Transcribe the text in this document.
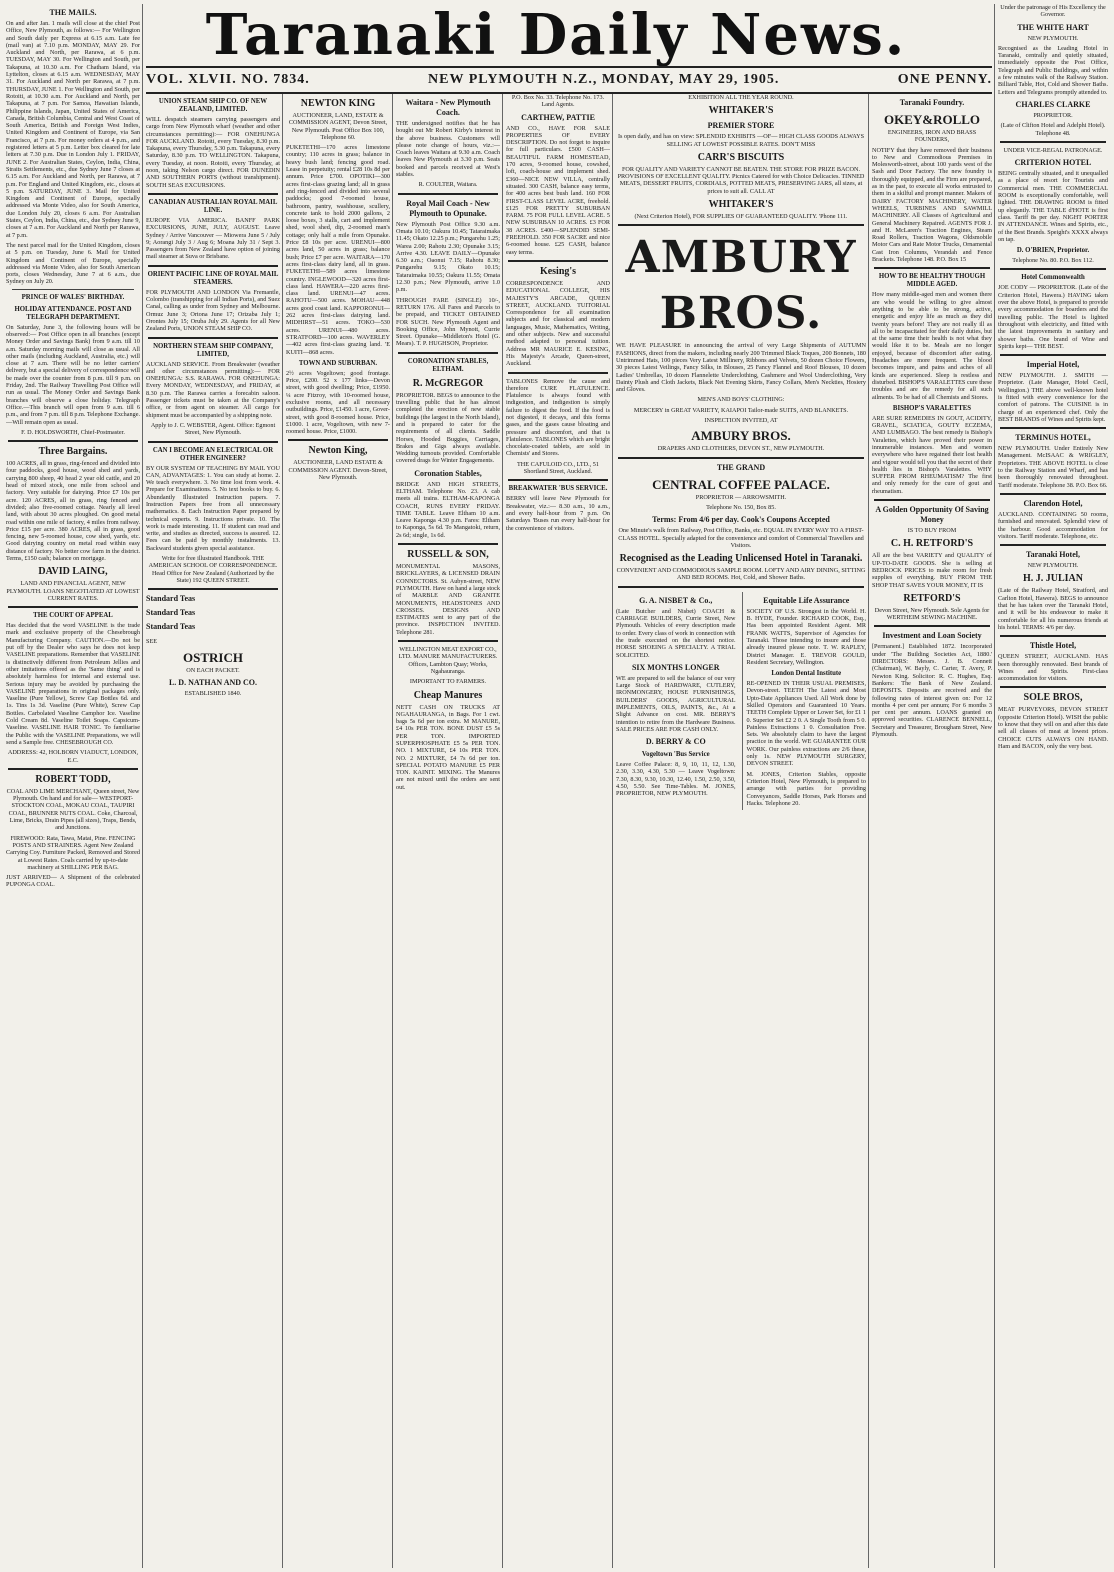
Taranaki Daily News.
VOL. XLVII. NO. 7834.	NEW PLYMOUTH N.Z., MONDAY, MAY 29, 1905.	ONE PENNY.
THE MAILS.
On and after Jan. 1 mails will close at the chief Post Office, New Plymouth, as follows:— For Wellington and South daily per Express at 6.15 a.m. Late fee (mail van) at 7.10 p.m. MONDAY, MAY 29. For Auckland and North, per Rarawa, at 6 p.m. TUESDAY, MAY 30. For Wellington and South, per Takapuna, at 10.30 a.m. For Chatham Island, via Lyttelton, closes at 6.15 a.m. WEDNESDAY, MAY 31. For Auckland and North per Rarawa, at 7 p.m. THURSDAY, JUNE 1. For Wellington and South, per Rotoiti, at 10.30 a.m. For Auckland and North, per Takapuna, at 7 p.m. For Samoa, Hawaiian Islands, Philippine Islands, Japan, United States of America, Canada, British Columbia, Central and West Coast of South America, British and Foreign West Indies, United Kingdom and Continent of Europe, via San Francisco, at 7 p.m. For money orders at 4 p.m., and registered letters at 5 p.m. Letter box cleared for late letters at 7.30 p.m. Due in London July 1. FRIDAY, JUNE 2. For Australian States, Ceylon, India, China, Straits Settlements, etc., due Sydney June 7 closes at 6.15 a.m. For Auckland and North, per Rarawa, at 7 p.m. For England and United Kingdom, etc., closes at 5 p.m. SATURDAY, JUNE 3. Mail for United Kingdom and Continent of Europe, specially addressed via Monte Video, also for South America, due London July 20, closes 6 a.m. For Australian States, Ceylon, India, China, etc., due Sydney June 9, closes at 7 a.m. For Auckland and North per Rarawa, at 7 p.m.
The next parcel mail for the United Kingdom, closes at 5 p.m. on Tuesday, June 6. Mail for United Kingdom and Continent of Europe, specially addressed via Monte Video, also for South American ports, closes Wednesday, June 7 at 6 a.m., due Sydney on July 20.
PRINCE OF WALES' BIRTHDAY.
HOLIDAY ATTENDANCE. POST AND TELEGRAPH DEPARTMENT.
On Saturday, June 3, the following hours will be observed:— Post Office open in all branches (except Money Order and Savings Bank) from 9 a.m. till 10 a.m. Saturday morning mails will close as usual. All other mails (including Auckland, Australia, etc.) will close at 7 a.m. There will be no letter carriers' delivery, but a special delivery of correspondence will be made over the counter from 8 p.m. till 9 p.m. on Friday, 2nd. The Railway Travelling Post Office will run as usual. The Money Order and Savings Bank branches will observe a close holiday. Telegraph Office.—This branch will open from 9 a.m. till 6 p.m., and from 7 p.m. till 8 p.m. Telephone Exchange.—Will remain open as usual.
F. D. HOLDSWORTH, Chief-Postmaster.
Three Bargains.
100 ACRES, all in grass, ring-fenced and divided into four paddocks, good house, wood shed and yards, carrying 800 sheep, 40 head 2 year old cattle, and 20 head of mixed stock, one mile from school and factory. Very suitable for dairying. Price £7 10s per acre. 120 ACRES, all in grass, ring fenced and divided; also five-roomed cottage. Nearly all level land, with about 30 acres ploughed. On good metal road within one mile of factory, 4 miles from railway. Price £15 per acre. 380 ACRES, all in grass, good fencing, new 5-roomed house, cow shed, yards, etc. Good dairying country on metal road within easy distance of factory. No better cow farm in the district. Terms, £150 cash; balance on mortgage.
DAVID LAING,
LAND AND FINANCIAL AGENT, NEW PLYMOUTH. LOANS NEGOTIATED AT LOWEST CURRENT RATES.
THE COURT OF APPEAL
Has decided that the word VASELINE is the trade mark and exclusive property of the Chesebrough Manufacturing Company. CAUTION.—Do not be put off by the Dealer who says he does not keep VASELINE preparations. Remember that VASELINE is distinctively different from Petroleum Jellies and other imitations offered as the 'Same thing' and is absolutely harmless for internal and external use. Serious injury may be avoided by purchasing the VASELINE preparations in original packages only. Vaseline (Pure Yellow), Screw Cap Bottles 6d. and 1s. Tins 1s 3d. Vaseline (Pure White), Screw Cap Bottles. Carbolated Vaseline Camphor Ice. Vaseline Cold Cream 8d. Vaseline Toilet Soaps. Capsicum-Vaseline. VASELINE HAIR TONIC. To familiarise the Public with the VASELINE Preparations, we will send a Sample free. CHESEBROUGH CO.
ADDRESS: 42, HOLBORN VIADUCT, LONDON, E.C.
ROBERT TODD,
COAL AND LIME MERCHANT, Queen street, New Plymouth. On hand and for sale— WESTPORT-STOCKTON COAL, MOKAU COAL, TAUPIRI COAL, BRUNNER NUTS COAL. Coke, Charcoal, Lime, Bricks, Drain Pipes (all sizes), Traps, Bends, and Junctions.
FIREWOOD: Rata, Tawa, Matai, Pine. FENCING POSTS AND STRAINERS. Agent New Zealand Carrying Coy. Furniture Packed, Removed and Stored at Lowest Rates. Coals carried by up-to-date machinery at SHILLING PER BAG.
JUST ARRIVED— A Shipment of the celebrated PUPONGA COAL.
UNION STEAM SHIP CO. OF NEW ZEALAND, LIMITED.
WILL despatch steamers carrying passengers and cargo from New Plymouth wharf (weather and other circumstances permitting):— FOR ONEHUNGA FOR AUCKLAND. Rotoiti, every Tuesday, 8.30 p.m. Takapuna, every Thursday, 5.30 p.m. Takapuna, every Saturday, 8.30 p.m. TO WELLINGTON. Takapuna, every Tuesday, at noon. Rotoiti, every Thursday, at noon, taking Nelson cargo direct. FOR DUNEDIN AND SOUTHERN PORTS (without transhipment). SOUTH SEAS EXCURSIONS.
CANADIAN AUSTRALIAN ROYAL MAIL LINE.
EUROPE VIA AMERICA. BANFF PARK EXCURSIONS, JUNE, JULY, AUGUST. Leave Sydney / Arrive Vancouver — Miowera June 5 / July 9; Aorangi July 3 / Aug 6; Moana July 31 / Sept 3. Passengers from New Zealand have option of joining mail steamer at Suva or Brisbane.
ORIENT PACIFIC LINE OF ROYAL MAIL STEAMERS.
FOR PLYMOUTH AND LONDON Via Fremantle, Colombo (transhipping for all Indian Ports), and Suez Canal, calling as under from Sydney and Melbourne. Ormuz June 3; Ortona June 17; Orizaba July 1; Orontes July 15; Oruba July 29. Agents for all New Zealand Ports, UNION STEAM SHIP CO.
NORTHERN STEAM SHIP COMPANY, LIMITED,
AUCKLAND SERVICE. From Breakwater (weather and other circumstances permitting):— FOR ONEHUNGA: S.S. RARAWA. FOR ONEHUNGA: Every MONDAY, WEDNESDAY, and FRIDAY, at 8.30 p.m. The Rarawa carries a forecabin saloon. Passenger tickets must be taken at the Company's office, or from agent on steamer. All cargo for shipment must be accompanied by a shipping note.
Apply to J. C. WEBSTER, Agent. Office: Egmont Street, New Plymouth.
CAN I BECOME AN ELECTRICAL OR OTHER ENGINEER?
BY OUR SYSTEM OF TEACHING BY MAIL YOU CAN, ADVANTAGES: 1. You can study at home. 2. We teach everywhere. 3. No time lost from work. 4. Prepare for Examinations. 5. No text books to buy. 6. Abundantly Illustrated Instruction papers. 7. Instruction Papers free from all unnecessary mathematics. 8. Each Instruction Paper prepared by technical experts. 9. Instructions private. 10. The work is made interesting. 11. If student can read and write, and studies as directed, success is assured. 12. Fees can be paid by monthly instalments. 13. Backward students given special assistance.
Write for free illustrated Handbook. THE AMERICAN SCHOOL OF CORRESPONDENCE. Head Office for New Zealand (Authorized by the State) 192 QUEEN STREET.
Standard Teas
Standard Teas
Standard Teas
SEE
OSTRICH
ON EACH PACKET.
L. D. NATHAN AND CO.
ESTABLISHED 1840.
NEWTON KING
AUCTIONEER, LAND, ESTATE & COMMISSION AGENT, Devon Street, New Plymouth. Post Office Box 100, Telephone 60.
PUKETETHI—170 acres limestone country; 110 acres in grass; balance in heavy bush land; fencing good road. Lease in perpetuity; rental £28 10s 8d per annum. Price £700. OPOTIKI—300 acres first-class grazing land; all in grass and ring-fenced and divided into several paddocks; good 7-roomed house, bathroom, pantry, washhouse, scullery, concrete tank to hold 2000 gallons, 2 loose boxes, 3 stalls, cart and implement shed, wool shed, dip, 2-roomed man's cottage; only half a mile from Opunake. Price £8 10s per acre. URENUI—800 acres land, 50 acres in grass; balance bush; Price £7 per acre. WAITARA—170 acres first-class dairy land, all in grass. FUKETETHI—589 acres limestone country. INGLEWOOD—320 acres first-class land. HAWERA—220 acres first-class land. URENUI—47 acres. RAHOTU—500 acres. MOHAU—448 acres good coast land. KAPPORONUI—262 acres first-class dairying land. MIDHIRST—51 acres. TOKO—530 acres. URENUI—480 acres. STRATFORD—100 acres. WAVERLEY—402 acres first-class grazing land. 'E KUITI—868 acres.
TOWN AND SUBURBAN.
2½ acres Vogeltown; good frontage. Price, £200. 52 x 177 links—Devon street, with good dwelling; Price, £1950. ¼ acre Fitzroy, with 10-roomed house, exclusive rooms, and all necessary outbuildings. Price, £1450. 1 acre, Gover-street, with good 8-roomed house. Price, £1000. 1 acre, Vogeltown, with new 7-roomed house. Price, £1000.
Newton King,
AUCTIONEER, LAND ESTATE & COMMISSION AGENT. Devon-Street, New Plymouth.
Waitara - New Plymouth Coach.
THE undersigned notifies that he has bought out Mr Robert Kirby's interest in the above business. Customers will please note change of hours, viz.:— Coach leaves Waitara at 9.30 a.m. Coach leaves New Plymouth at 3.30 p.m. Seats booked and parcels received at West's stables.
R. COULTER, Waitara.
Royal Mail Coach - New Plymouth to Opunake.
New Plymouth Post Office 9.30 a.m. Omata 10.10; Oakura 10.45; Tataraimaka 11.45; Okato 12.25 p.m.; Pungarehu 1.25; Warea 2.00; Rahotu 2.30; Opunake 3.15; Arrive 4.30. LEAVE DAILY—Opunake 6.30 a.m.; Oaonui 7.15; Rahotu 8.30; Pungarehu 9.15; Okato 10.15; Tataraimaka 10.55; Oakura 11.55; Omata 12.30 p.m.; New Plymouth, arrive 1.0 p.m.
THROUGH FARE (SINGLE) 10/-, RETURN 17/6. All Fares and Parcels to be prepaid, and TICKET OBTAINED FOR SUCH. New Plymouth Agent and Booking Office, John Mynott, Currie Street. Opunake—Middleton's Hotel (G. Mears). T. P. HUGHSON, Proprietor.
CORONATION STABLES, ELTHAM.
R. McGREGOR
PROPRIETOR. BEGS to announce to the travelling public that he has almost completed the erection of new stable buildings (the largest in the North Island), and is prepared to cater for the requirements of all clients. Saddle Horses, Hooded Buggies, Carriages, Brakes and Gigs always available. Wedding turnouts provided. Comfortable covered drags for Winter Engagements.
Coronation Stables,
BRIDGE AND HIGH STREETS, ELTHAM. Telephone No. 23. A cab meets all trains. ELTHAM-KAPONGA COACH, RUNS EVERY FRIDAY. TIME TABLE. Leave Eltham 10 a.m. Leave Kaponga 4.30 p.m. Fares: Eltham to Kaponga, 5s 6d. To Mangatoki, return, 2s 6d; single, 1s 6d.
RUSSELL & SON,
MONUMENTAL MASONS, BRICKLAYERS, & LICENSED DRAIN CONNECTORS. St. Aubyn-street, NEW PLYMOUTH. Have on hand a large stock of MARBLE AND GRANITE MONUMENTS, HEADSTONES AND CROSSES. DESIGNS AND ESTIMATES sent to any part of the province. INSPECTION INVITED. Telephone 281.
WELLINGTON MEAT EXPORT CO., LTD. MANURE MANUFACTURERS. Offices, Lambton Quay; Works, Ngahauranga.
IMPORTANT TO FARMERS.
Cheap Manures
NETT CASH ON TRUCKS AT NGAHAURANGA, in Bags. For 1 cwt. bags 5s 6d per ton extra. M MANURE, £4 10s PER TON. BONE DUST £5 5s PER TON. IMPORTED SUPERPHOSPHATE £5 5s PER TON. NO. 1 MIXTURE, £4 10s PER TON. NO. 2 MIXTURE, £4 7s 6d per ton. SPECIAL POTATO MANURE £5 PER TON. KAINIT. MIXING. The Manures are not mixed until the orders are sent out.
P.O. Box No. 33. Telephone No. 173. Land Agents.
CARTHEW, PATTIE
AND CO., HAVE FOR SALE PROPERTIES OF EVERY DESCRIPTION. Do not forget to inquire for full particulars. £500 CASH—BEAUTIFUL FARM HOMESTEAD, 170 acres, 9-roomed house, cowshed, loft, coach-house and implement shed. £360—NICE NEW VILLA, centrally situated. 300 CASH, balance easy terms, for 400 acres best bush land. 160 FOR FIRST-CLASS LEVEL ACRE, freehold. £125 FOR PRETTY SUBURBAN FARM. 75 FOR FULL LEVEL ACRE. 5 NEW SUBURBAN 10 ACRES. £3 FOR 38 ACRES. £400—SPLENDID SEMI-FREEHOLD. 350 FOR SACRE and nice 6-roomed house. £25 CASH, balance easy terms.
Kesing's
CORRESPONDENCE AND EDUCATIONAL COLLEGE, HIS MAJESTY'S ARCADE, QUEEN STREET, AUCKLAND. TUITORIAL Correspondence for all examination subjects and for classical and modern languages, Music, Mathematics, Writing, and other subjects. New and successful method adapted to personal tuition. Address MR MAURICE E. KESING, His Majesty's Arcade, Queen-street, Auckland.
TABLONES Remove the cause and therefore CURE FLATULENCE. Flatulence is always found with indigestion, and indigestion is simply failure to digest the food. If the food is not digested, it decays, and this forms gases, and the gases cause bloating and pressure and discomfort, and that is Flatulence. TABLONES which are bright chocolate-coated tablets, are sold in Chemists' and Stores.
THE CAFULOID CO., LTD., 51 Shortland Street, Auckland.
BREAKWATER 'BUS SERVICE.
BERRY will leave New Plymouth for Breakwater, viz.:— 8.30 a.m., 10 a.m., and every half-hour from 7 p.m. On Saturdays 'Buses run every half-hour for the convenience of visitors.
EXHIBITION ALL THE YEAR ROUND.
WHITAKER'S
PREMIER STORE
Is open daily, and has on view: SPLENDID EXHIBITS —OF— HIGH CLASS GOODS ALWAYS SELLING AT LOWEST POSSIBLE RATES. DON'T MISS
CARR'S BISCUITS
FOR QUALITY AND VARIETY CANNOT BE BEATEN. THE STORE FOR PRIZE BACON. PROVISIONS OF EXCELLENT QUALITY. Picnics Catered for with Choice Delicacies. TINNED MEATS, DESSERT FRUITS, CORDIALS, POTTED MEATS, PRESERVING JARS, all sizes, at prices to suit all. CALL AT
WHITAKER'S
(Next Criterion Hotel), FOR SUPPLIES OF GUARANTEED QUALITY. 'Phone 111.
AMBURY BROS.
WE HAVE PLEASURE in announcing the arrival of very Large Shipments of AUTUMN FASHIONS, direct from the makers, including nearly 200 Trimmed Black Toques, 200 Bonnets, 180 Untrimmed Hats, 100 pieces Very Latest Millinery, Ribbons and Velvets, 50 dozen Choice Flowers, 30 pieces Latest Veilings, Fancy Silks, in Blouses, 25 Fancy Flannel and Roof Blouses, 10 dozen Ladies' Umbrellas, 10 dozen Flannelette Underclothing, Cashmere and Wool Underclothing, Very Dainty Plush and Cloth Jackets, Black Net Evening Skirts, Fancy Collars, Men's Neckties, Hosiery and Gloves.
MEN'S AND BOYS' CLOTHING:
MERCERY in GREAT VARIETY, KAIAPOI Tailor-made SUITS, AND BLANKETS.
INSPECTION INVITED, AT
AMBURY BROS.
DRAPERS AND CLOTHIERS, DEVON ST., NEW PLYMOUTH.
THE GRAND
CENTRAL COFFEE PALACE.
PROPRIETOR — ARROWSMITH.
Telephone No. 150, Box 85.
Terms: From 4/6 per day. Cook's Coupons Accepted
One Minute's walk from Railway, Post Office, Banks, etc. EQUAL IN EVERY WAY TO A FIRST-CLASS HOTEL. Specially adapted for the convenience and comfort of Commercial Travellers and Visitors.
Recognised as the Leading Unlicensed Hotel in Taranaki.
CONVENIENT AND COMMODIOUS SAMPLE ROOM. LOFTY AND AIRY DINING, SITTING AND BED ROOMS. Hot, Cold, and Shower Baths.
G. A. NISBET & Co.,
(Late Butcher and Nisbet) COACH & CARRIAGE BUILDERS, Currie Street, New Plymouth. Vehicles of every description made to order. Every class of work in connection with the trade executed on the shortest notice. HORSE SHOEING A SPECIALTY. A TRIAL SOLICITED.
SIX MONTHS LONGER
WE are prepared to sell the balance of our very Large Stock of HARDWARE, CUTLERY, IRONMONGERY, HOUSE FURNISHINGS, BUILDERS' GOODS, AGRICULTURAL IMPLEMENTS, OILS, PAINTS, &c., At a Slight Advance on cost. MR. BERRY'S intention to retire from the Hardware Business. SALE PRICES ARE FOR CASH ONLY.
D. BERRY & CO
Vogeltown 'Bus Service
Leave Coffee Palace: 8, 9, 10, 11, 12, 1.30, 2.30, 3.30, 4.30, 5.30 — Leave Vogeltown: 7.30, 8.30, 9.30, 10.30, 12.40, 1.50, 2.50, 3.50, 4.50, 5.50. See Time-Tables. M. JONES, PROPRIETOR, NEW PLYMOUTH.
Equitable Life Assurance
SOCIETY OF U.S. Strongest in the World. H. B. HYDE, Founder. RICHARD COOK, Esq., Has been appointed Resident Agent. MR FRANK WATTS, Supervisor of Agencies for Taranaki. Those intending to insure and those already insured please note. T. W. RAPLEY, District Manager. E. TREVOR GOULD, Resident Secretary, Wellington.
London Dental Institute
RE-OPENED IN THEIR USUAL PREMISES, Devon-street. TEETH The Latest and Most Upto-Date Appliances Used. All Work done by Skilled Operators and Guaranteed 10 Years. TEETH Complete Upper or Lower Set, for £1 1 0. Superior Set £2 2 0. A Single Tooth from 5 0. Painless Extractions 1 0. Consultation Free. Sets. We absolutely claim to have the largest practice in the world. WE GUARANTEE OUR WORK. Our painless extractions are 2/6 these, only 1s. NEW PLYMOUTH SURGERY, DEVON STREET.
M. JONES, Criterion Stables, opposite Criterion Hotel, New Plymouth, is prepared to arrange with parties for providing Conveyances, Saddle Horses, Park Horses and Hacks. Telephone 20.
Taranaki Foundry.
OKEY&ROLLO
ENGINEERS, IRON AND BRASS FOUNDERS,
NOTIFY that they have removed their business to New and Commodious Premises in Molesworth-street, about 100 yards west of the Sash and Door Factory. The new foundry is thoroughly equipped, and the Firm are prepared, as in the past, to execute all works entrusted to them in a skilful and prompt manner. Makers of DAIRY FACTORY MACHINERY, WATER WHEELS, TURBINES AND SAWMILL MACHINERY. All Classes of Agricultural and General Machinery Repaired. AGENTS FOR J. and H. McLaren's Traction Engines, Steam Road Rollers, Traction Wagons, Oldsmobile Motor Cars and Rate Motor Trucks, Ornamental Cast Iron Columns, Verandah and Fence Brackets. Telephone 148. P.O. Box 15
HOW TO BE HEALTHY THOUGH MIDDLE AGED.
How many middle-aged men and women there are who would be willing to give almost anything to be able to be strong, active, energetic and enjoy life as much as they did twenty years before! They are not really ill as all to be incapacitated for their daily duties, but at the same time their health is not what they would like it to be. Meals are no longer enjoyed, because of discomfort after eating. Headaches are more frequent. The blood becomes impure, and pains and aches of all kinds are experienced. Sleep is restless and disturbed. BISHOP'S VARALETTES cure these troubles and are the remedy for all such ailments. To be had of all Chemists and Stores.
BISHOP'S VARALETTES
ARE SURE REMEDIES IN GOUT, ACIDITY, GRAVEL, SCIATICA, GOUTY ECZEMA, AND LUMBAGO. The best remedy is Bishop's Varalettes, which have proved their power in innumerable instances. Men and women everywhere who have regained their lost health and vigour would tell you that the secret of their health lies in Bishop's Varalettes. WHY SUFFER FROM RHEUMATISM? The first and only remedy for the cure of gout and rheumatism.
A Golden Opportunity Of Saving Money
IS TO BUY FROM
C. H. RETFORD'S
All are the best VARIETY and QUALITY of UP-TO-DATE GOODS. She is selling at BEDROCK PRICES to make room for fresh supplies of everything. BUY FROM THE SHOP THAT SAVES YOUR MONEY, IT IS
RETFORD'S
Devon Street, New Plymouth. Sole Agents for WERTHEIM SEWING MACHINE.
Investment and Loan Society
[Permanent.] Established 1872. Incorporated under 'The Building Societies Act, 1880.' DIRECTORS: Messrs. J. B. Connett (Chairman), W. Bayly, C. Carter, T. Avery, P. Newton King. Solicitor: R. C. Hughes, Esq. Bankers: The Bank of New Zealand. DEPOSITS. Deposits are received and the following rates of interest given on: For 12 months 4 per cent per annum; For 6 months 3 per cent per annum. LOANS granted on approved securities. CLARENCE BENNELL, Secretary and Treasurer, Brougham Street, New Plymouth.
Under the patronage of His Excellency the Governor.
THE WHITE HART
NEW PLYMOUTH.
Recognised as the Leading Hotel in Taranaki, centrally and quietly situated, immediately opposite the Post Office, Telegraph and Public Buildings, and within a few minutes walk of the Railway Station. Billiard Table, Hot, Cold and Shower Baths. Letters and Telegrams promptly attended to.
CHARLES CLARKE
PROPRIETOR.
(Late of Clifton Hotel and Adelphi Hotel). Telephone 48.
UNDER VICE-REGAL PATRONAGE.
CRITERION HOTEL
BEING centrally situated, and it unequalled as a place of resort for Tourists and Commercial men. THE COMMERCIAL ROOM is exceptionally comfortable, well lighted. THE DRAWING ROOM is fitted up elegantly. THE TABLE d'HOTE is first class. Tariff 8s per day. NIGHT PORTER IN ATTENDANCE. Wines and Spirits, etc., of the Best Brands. Speight's XXXX always on tap.
D. O'BRIEN, Proprietor.
Telephone No. 80. P.O. Box 112.
Hotel Commonwealth
JOE CODY — PROPRIETOR. (Late of the Criterion Hotel, Hawera.) HAVING taken over the above Hotel, is prepared to provide every accommodation for boarders and the travelling public. The Hotel is lighted throughout with electricity, and fitted with the latest improvements in sanitary and shower baths. One brand of Wine and Spirits kept— THE BEST.
Imperial Hotel,
NEW PLYMOUTH. J. SMITH — Proprietor. (Late Manager, Hotel Cecil, Wellington.) THE above well-known hotel is fitted with every convenience for the comfort of patrons. The CUISINE is in charge of an experienced chef. Only the BEST BRANDS of Wines and Spirits kept.
TERMINUS HOTEL,
NEW PLYMOUTH. Under Entirely New Management. McISAAC & WRIGLEY, Proprietors. THE ABOVE HOTEL is close to the Railway Station and Wharf, and has been thoroughly renovated throughout. Tariff moderate. Telephone 38. P.O. Box 66.
Clarendon Hotel,
AUCKLAND. CONTAINING 50 rooms, furnished and renovated. Splendid view of the harbour. Good accommodation for visitors. Tariff moderate. Telephone, etc.
Taranaki Hotel,
NEW PLYMOUTH.
H. J. JULIAN
(Late of the Railway Hotel, Stratford, and Carlton Hotel, Hawera). BEGS to announce that he has taken over the Taranaki Hotel, and it will be his endeavour to make it comfortable for all his numerous friends at his hotel. TERMS: 4/6 per day.
Thistle Hotel,
QUEEN STREET, AUCKLAND. HAS been thoroughly renovated. Best brands of Wines and Spirits. First-class accommodation for visitors.
SOLE BROS,
MEAT PURVEYORS, DEVON STREET (opposite Criterion Hotel). WISH the public to know that they will on and after this date sell all classes of meat at lowest prices. CHOICE CUTS ALWAYS ON HAND. Ham and BACON, only the very best.
